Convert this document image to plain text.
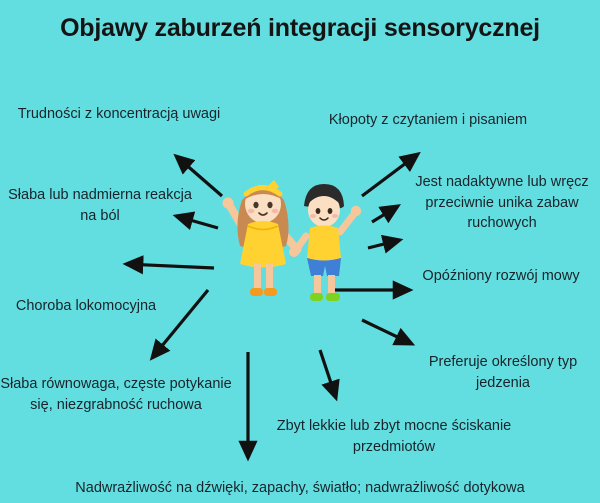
Objawy zaburzeń integracji sensorycznej
Trudności z koncentracją uwagi
Słaba lub nadmierna reakcja na ból
Choroba lokomocyjna
Słaba równowaga, częste potykanie się, niezgrabność ruchowa
Nadwrażliwość na dźwięki, zapachy, światło; nadwrażliwość dotykowa
Kłopoty z czytaniem i pisaniem
Jest nadaktywne lub wręcz przeciwnie unika zabaw ruchowych
Opóźniony rozwój mowy
Preferuje określony typ jedzenia
Zbyt lekkie lub zbyt mocne ściskanie przedmiotów
